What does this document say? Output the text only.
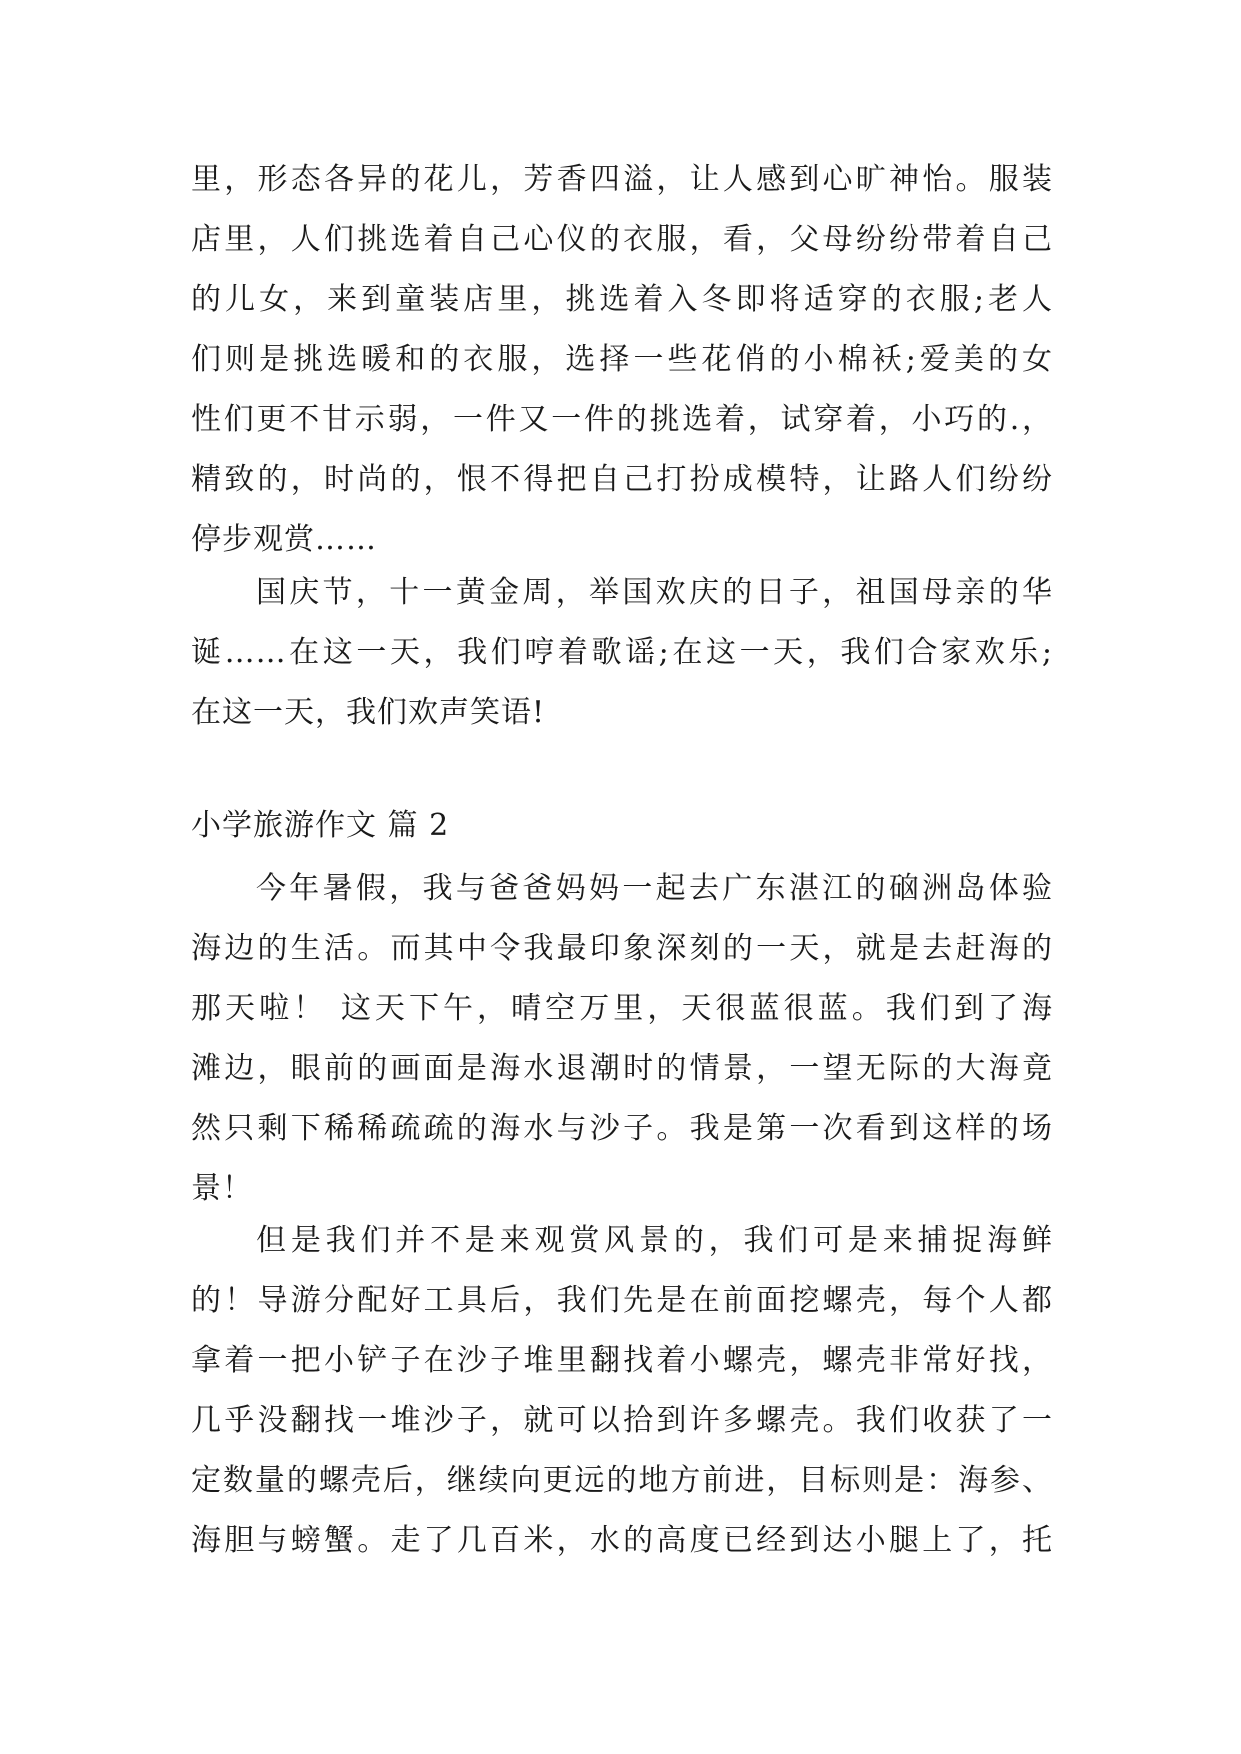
里，形态各异的花儿，芳香四溢，让人感到心旷神怡。服装
店里，人们挑选着自己心仪的衣服，看，父母纷纷带着自己
的儿女，来到童装店里，挑选着入冬即将适穿的衣服;老人
们则是挑选暖和的衣服，选择一些花俏的小棉袄;爱美的女
性们更不甘示弱，一件又一件的挑选着，试穿着，小巧的.，
精致的，时尚的，恨不得把自己打扮成模特，让路人们纷纷
停步观赏……
国庆节，十一黄金周，举国欢庆的日子，祖国母亲的华
诞……在这一天，我们哼着歌谣;在这一天，我们合家欢乐;
在这一天，我们欢声笑语!
小学旅游作文 篇 2
今年暑假，我与爸爸妈妈一起去广东湛江的硇洲岛体验
海边的生活。而其中令我最印象深刻的一天，就是去赶海的
那天啦！ 这天下午，晴空万里，天很蓝很蓝。我们到了海
滩边，眼前的画面是海水退潮时的情景，一望无际的大海竟
然只剩下稀稀疏疏的海水与沙子。我是第一次看到这样的场
景！
但是我们并不是来观赏风景的，我们可是来捕捉海鲜
的！导游分配好工具后，我们先是在前面挖螺壳，每个人都
拿着一把小铲子在沙子堆里翻找着小螺壳，螺壳非常好找，
几乎没翻找一堆沙子，就可以拾到许多螺壳。我们收获了一
定数量的螺壳后，继续向更远的地方前进，目标则是：海参、
海胆与螃蟹。走了几百米，水的高度已经到达小腿上了，托
